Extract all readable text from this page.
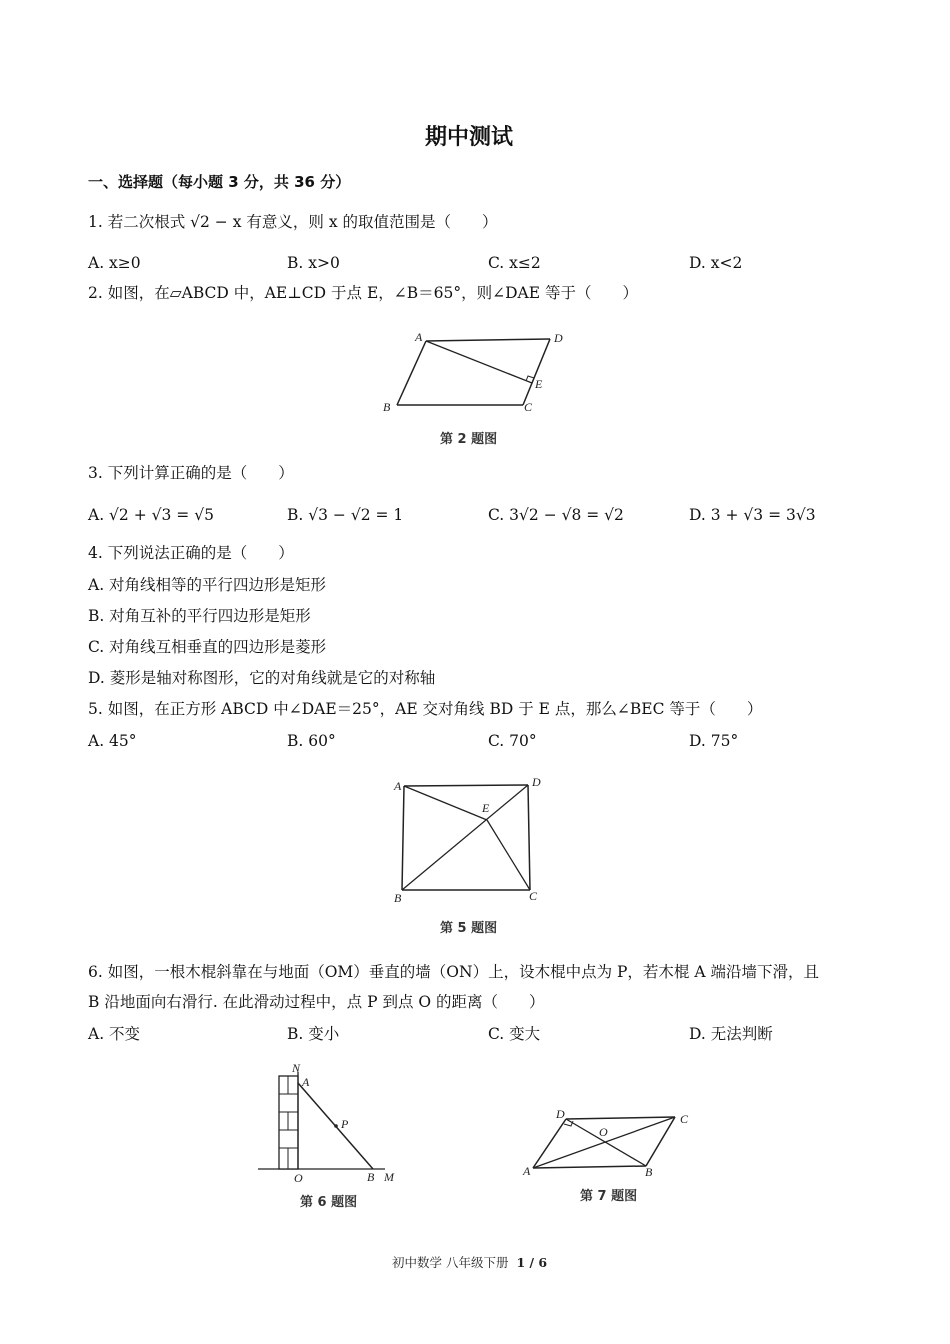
期中测试
一、选择题（每小题 3 分，共 36 分）
1. 若二次根式 √2 − x 有意义，则 x 的取值范围是（　　）
A. x≥0	B. x>0	C. x≤2	D. x<2
2. 如图，在▱ABCD 中，AE⊥CD 于点 E，∠B＝65°，则∠DAE 等于（　　）
A	D
E
B	C
第 2 题图
3. 下列计算正确的是（　　）
A. √2 + √3 = √5	B. √3 − √2 = 1	C. 3√2 − √8 = √2	D. 3 + √3 = 3√3
4. 下列说法正确的是（　　）
A. 对角线相等的平行四边形是矩形
B. 对角互补的平行四边形是矩形
C. 对角线互相垂直的四边形是菱形
D. 菱形是轴对称图形，它的对角线就是它的对称轴
5. 如图，在正方形 ABCD 中∠DAE＝25°，AE 交对角线 BD 于 E 点，那么∠BEC 等于（　　）
A. 45°	B. 60°	C. 70°	D. 75°
A	D
E
B	C
第 5 题图
6. 如图，一根木棍斜靠在与地面（OM）垂直的墙（ON）上，设木棍中点为 P，若木棍 A 端沿墙下滑，且
B 沿地面向右滑行. 在此滑动过程中，点 P 到点 O 的距离（　　）
A. 不变	B. 变小	C. 变大	D. 无法判断
N
A
P
O	B M
第 6 题图
D	C
O
A	B
第 7 题图
初中数学 八年级下册 1 / 6
